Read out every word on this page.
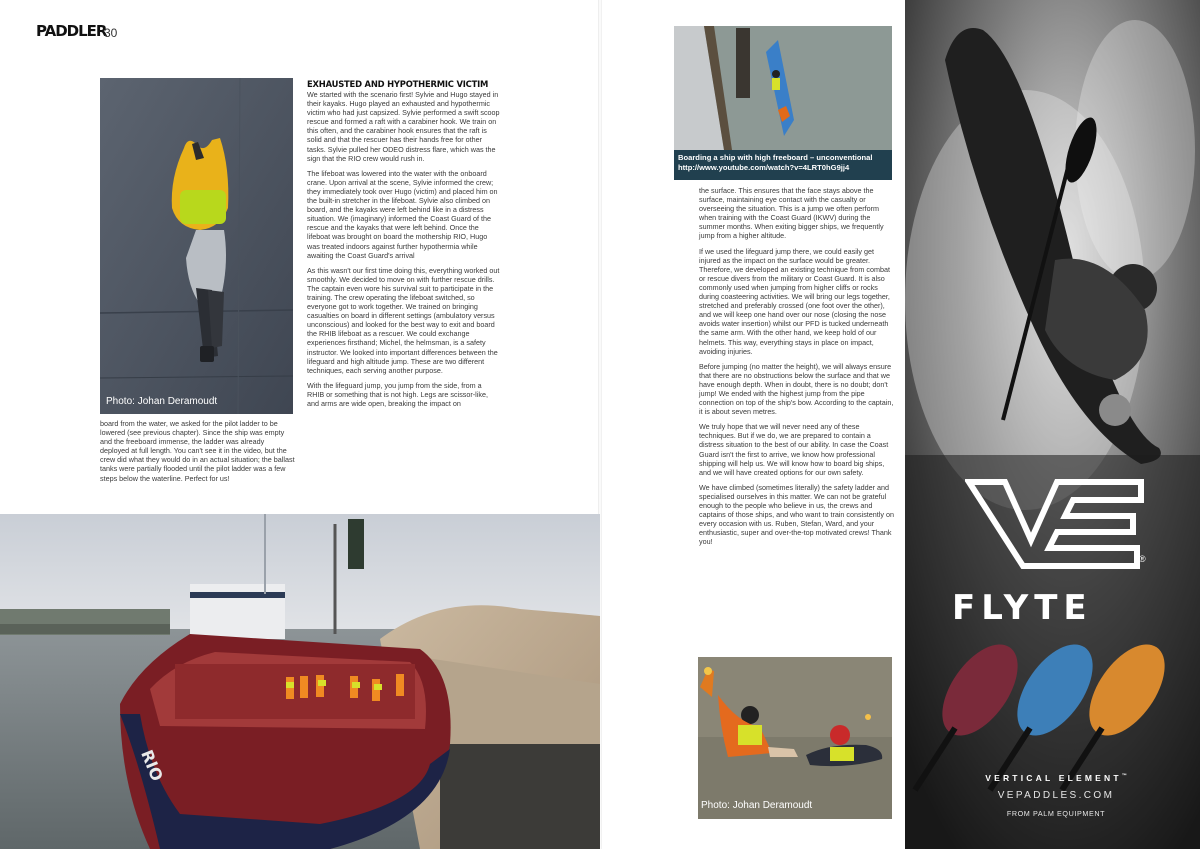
PADDLER
30
Photo: Johan Deramoudt

board from the water, we asked for the pilot ladder to be lowered (see previous chapter). Since the ship was empty and the freeboard immense, the ladder was already deployed at full length. You can't see it in the video, but the crew did what they would do in an actual situation; the ballast tanks were partially flooded until the pilot ladder was a few steps below the waterline. Perfect for us!

EXHAUSTED AND HYPOTHERMIC VICTIM

We started with the scenario first! Sylvie and Hugo stayed in their kayaks. Hugo played an exhausted and hypothermic victim who had just capsized. Sylvie performed a swift scoop rescue and formed a raft with a carabiner hook. We train on this often, and the carabiner hook ensures that the raft is solid and that the rescuer has their hands free for other tasks. Sylvie pulled her ODEO distress flare, which was the sign that the RIO crew would rush in.

The lifeboat was lowered into the water with the onboard crane. Upon arrival at the scene, Sylvie informed the crew; they immediately took over Hugo (victim) and placed him on the built-in stretcher in the lifeboat. Sylvie also climbed on board, and the kayaks were left behind like in a distress situation. We (imaginary) informed the Coast Guard of the rescue and the kayaks that were left behind. Once the lifeboat was brought on board the mothership RIO, Hugo was treated indoors against further hypothermia while awaiting the Coast Guard's arrival

As this wasn't our first time doing this, everything worked out smoothly. We decided to move on with further rescue drills. The captain even wore his survival suit to participate in the training. The crew operating the lifeboat switched, so everyone got to work together. We trained on bringing casualties on board in different settings (ambulatory versus unconscious) and looked for the best way to exit and board the RHIB lifeboat as a rescuer. We could exchange experiences firsthand; Michel, the helmsman, is a safety instructor. We looked into important differences between the lifeguard and high altitude jump. These are two different techniques, each serving another purpose.

With the lifeguard jump, you jump from the side, from a RHIB or something that is not high. Legs are scissor-like, and arms are wide open, breaking the impact on

RIO
Boarding a ship with high freeboard – unconventional
http://www.youtube.com/watch?v=4LRT0hG9jj4

the surface. This ensures that the face stays above the surface, maintaining eye contact with the casualty or overseeing the situation. This is a jump we often perform when training with the Coast Guard (IKWV) during the summer months. When exiting bigger ships, we frequently jump from a higher altitude.

If we used the lifeguard jump there, we could easily get injured as the impact on the surface would be greater. Therefore, we developed an existing technique from combat or rescue divers from the military or Coast Guard. It is also commonly used when jumping from higher cliffs or rocks during coasteering activities. We will bring our legs together, stretched and preferably crossed (one foot over the other), and we will keep one hand over our nose (closing the nose avoids water insertion) whilst our PFD is tucked underneath the same arm. With the other hand, we keep hold of our helmets. This way, everything stays in place on impact, avoiding injuries.

Before jumping (no matter the height), we will always ensure that there are no obstructions below the surface and that we have enough depth. When in doubt, there is no doubt; don't jump! We ended with the highest jump from the pipe connection on top of the ship's bow. According to the captain, it is about seven metres.

We truly hope that we will never need any of these techniques. But if we do, we are prepared to contain a distress situation to the best of our ability. In case the Coast Guard isn't the first to arrive, we know how professional shipping will help us. We will know how to board big ships, and we will have created options for our own safety.

We have climbed (sometimes literally) the safety ladder and specialised ourselves in this matter. We can not be grateful enough to the people who believe in us, the crews and captains of those ships, and who want to train consistently on every occasion with us. Ruben, Stefan, Ward, and your enthusiastic, super and over-the-top motivated crews! Thank you!

Photo: Johan Deramoudt
®
FLYTE
VERTICAL ELEMENT™
VEPADDLES.COM
FROM PALM EQUIPMENT
